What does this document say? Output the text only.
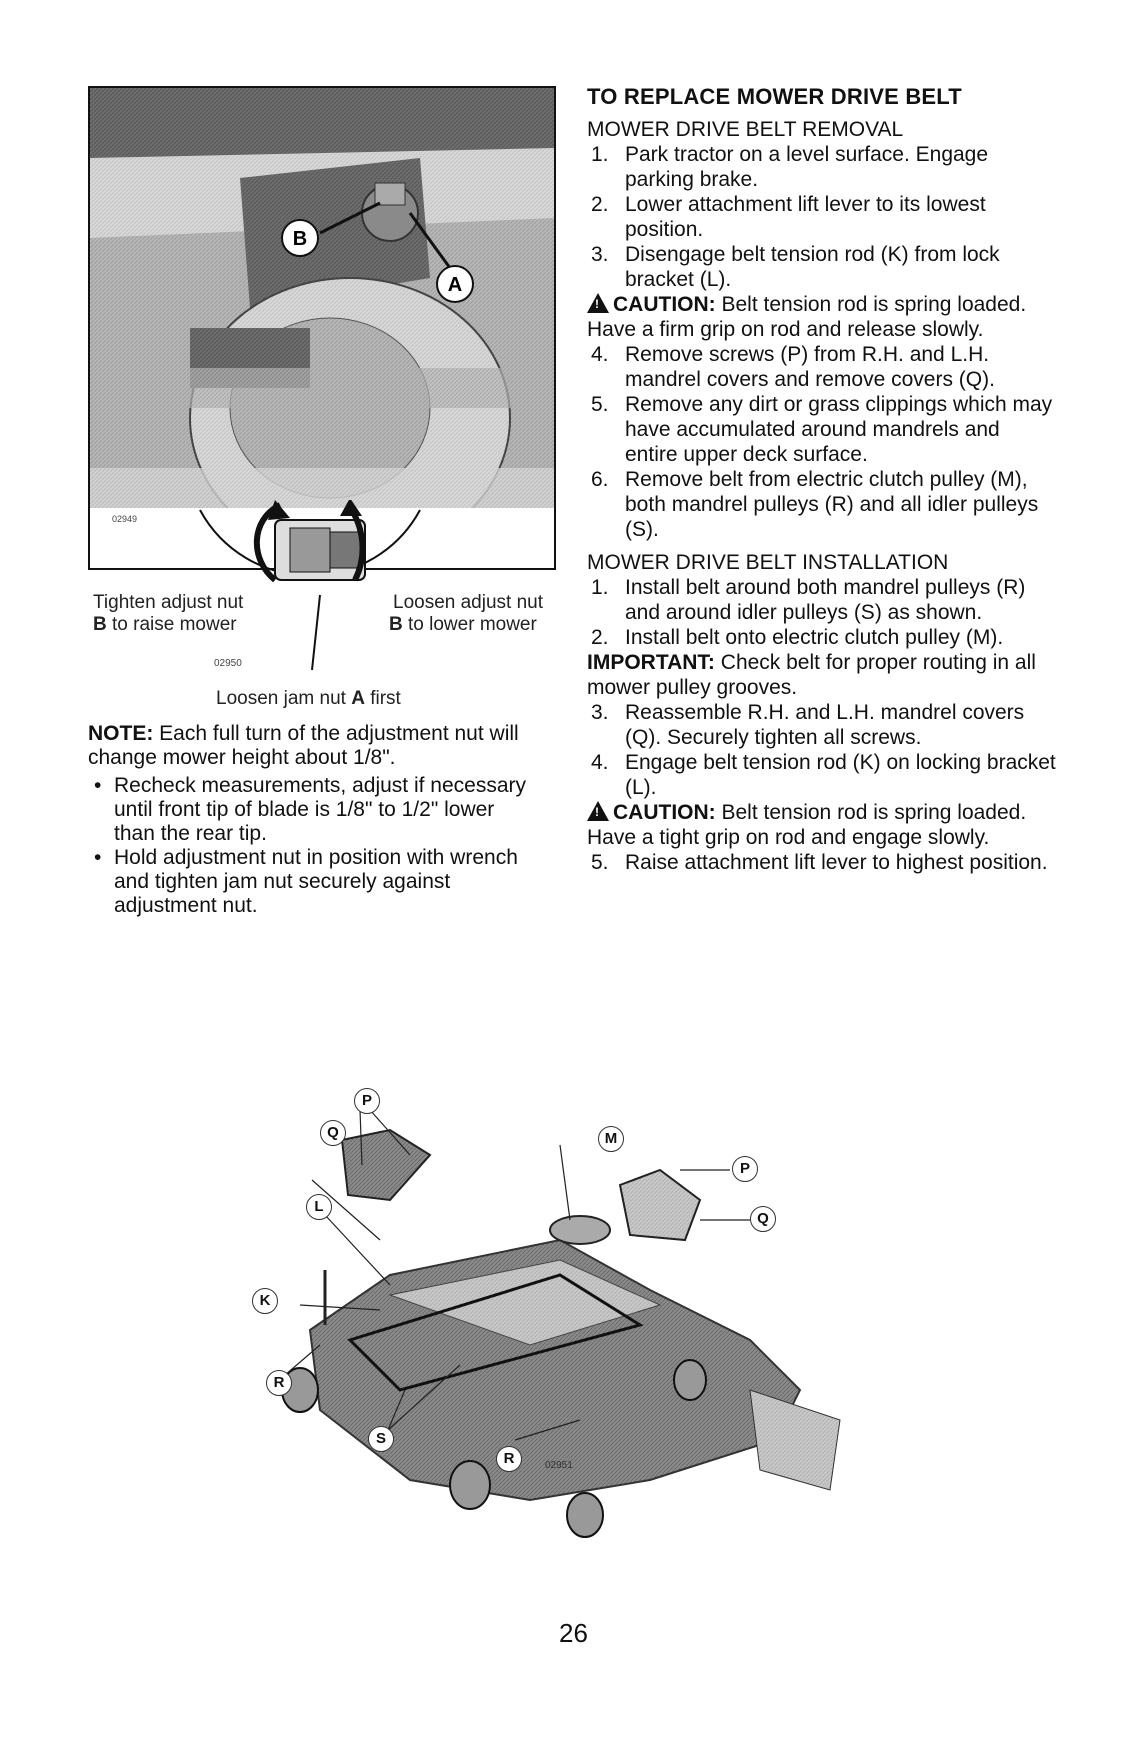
B
A
02949
Tighten adjust nut
B to raise mower
Loosen adjust nut
B to lower mower
02950
Loosen jam nut A first

NOTE: Each full turn of the adjustment nut will change mower height about 1/8".

• Recheck measurements, adjust if necessary until front tip of blade is 1/8" to 1/2" lower than the rear tip.
• Hold adjustment nut in position with wrench and tighten jam nut securely against adjustment nut.
TO REPLACE MOWER DRIVE BELT
MOWER DRIVE BELT REMOVAL
1. Park tractor on a level surface. Engage parking brake.
2. Lower attachment lift lever to its lowest position.
3. Disengage belt tension rod (K) from lock bracket (L).

!CAUTION: Belt tension rod is spring loaded. Have a firm grip on rod and release slowly.

4. Remove screws (P) from R.H. and L.H. mandrel covers and remove covers (Q).
5. Remove any dirt or grass clippings which may have accumulated around mandrels and entire upper deck surface.
6. Remove belt from electric clutch pulley (M), both mandrel pulleys (R) and all idler pulleys (S).
MOWER DRIVE BELT INSTALLATION
1. Install belt around both mandrel pulleys (R) and around idler pulleys (S) as shown.
2. Install belt onto electric clutch pulley (M).

IMPORTANT: Check belt for proper routing in all mower pulley grooves.

3. Reassemble R.H. and L.H. mandrel covers (Q). Securely tighten all screws.
4. Engage belt tension rod (K) on locking bracket (L).

!CAUTION: Belt tension rod is spring loaded. Have a tight grip on rod and engage slowly.

5. Raise attachment lift lever to highest position.
02951
P
Q
L
K
M
P
Q
R
S
R
26
